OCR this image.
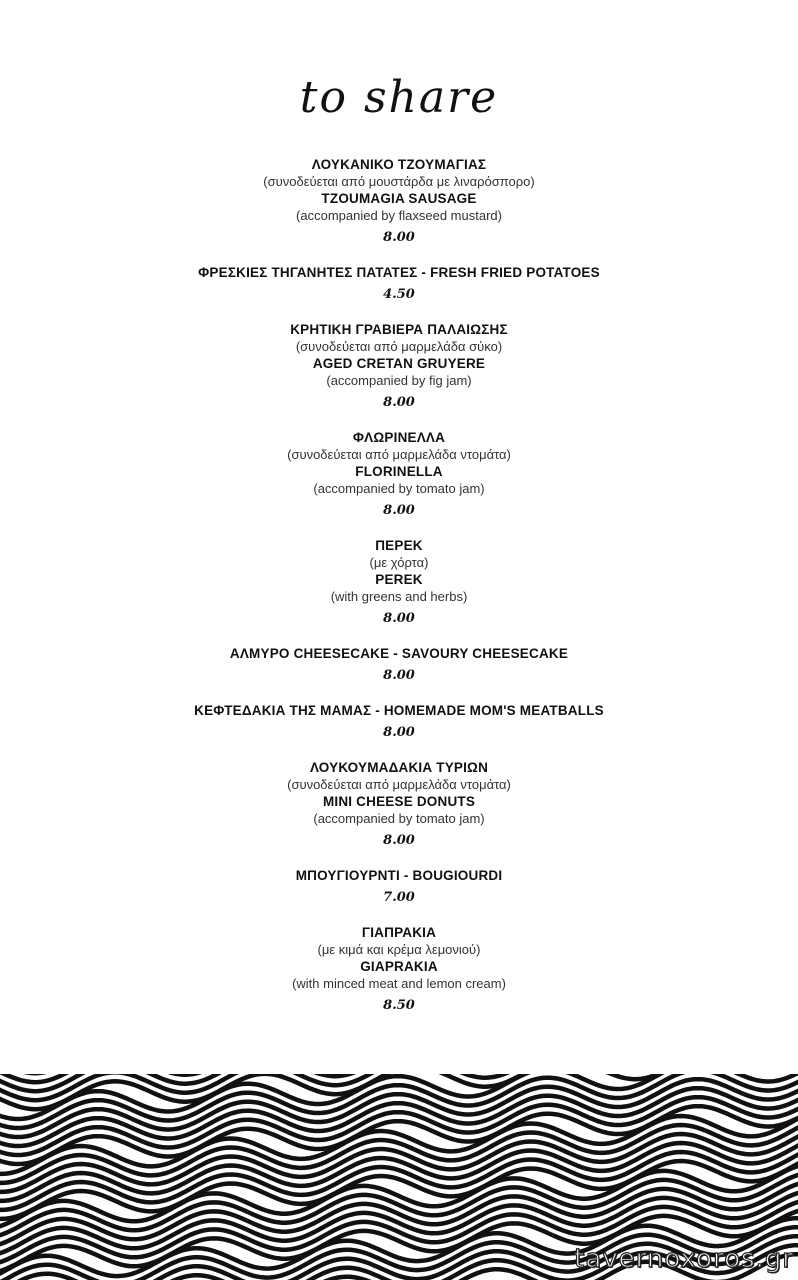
to share

ΛΟΥΚΑΝΙΚΟ ΤΖΟΥΜΑΓΙΑΣ

(συνοδεύεται από μουστάρδα με λιναρόσπορο)

TZOUMAGIA SAUSAGE

(accompanied by flaxseed mustard)

8.00

ΦΡΕΣΚΙΕΣ ΤΗΓΑΝΗΤΕΣ ΠΑΤΑΤΕΣ - FRESH FRIED POTATOES

4.50

ΚΡΗΤΙΚΗ ΓΡΑΒΙΕΡΑ ΠΑΛΑΙΩΣΗΣ

(συνοδεύεται από μαρμελάδα σύκο)

AGED CRETAN GRUYERE

(accompanied by fig jam)

8.00

ΦΛΩΡΙΝΕΛΛΑ

(συνοδεύεται από μαρμελάδα ντομάτα)

FLORINELLA

(accompanied by tomato jam)

8.00

ΠΕΡΕΚ

(με χόρτα)

PEREK

(with greens and herbs)

8.00

ΑΛΜΥΡΟ CHEESECAKE - SAVOURY CHEESECAKE

8.00

ΚΕΦΤΕΔΑΚΙΑ ΤΗΣ ΜΑΜΑΣ - HOMEMADE MOM'S MEATBALLS

8.00

ΛΟΥΚΟΥΜΑΔΑΚΙΑ ΤΥΡΙΩΝ

(συνοδεύεται από μαρμελάδα ντομάτα)

MINI CHEESE DONUTS

(accompanied by tomato jam)

8.00

ΜΠΟΥΓΙΟΥΡΝΤΙ - BOUGIOURDI

7.00

ΓΙΑΠΡΑΚΙΑ

(με κιμά και κρέμα λεμονιού)

GIAPRAKIA

(with minced meat and lemon cream)

8.50
tavernoxoros.gr
